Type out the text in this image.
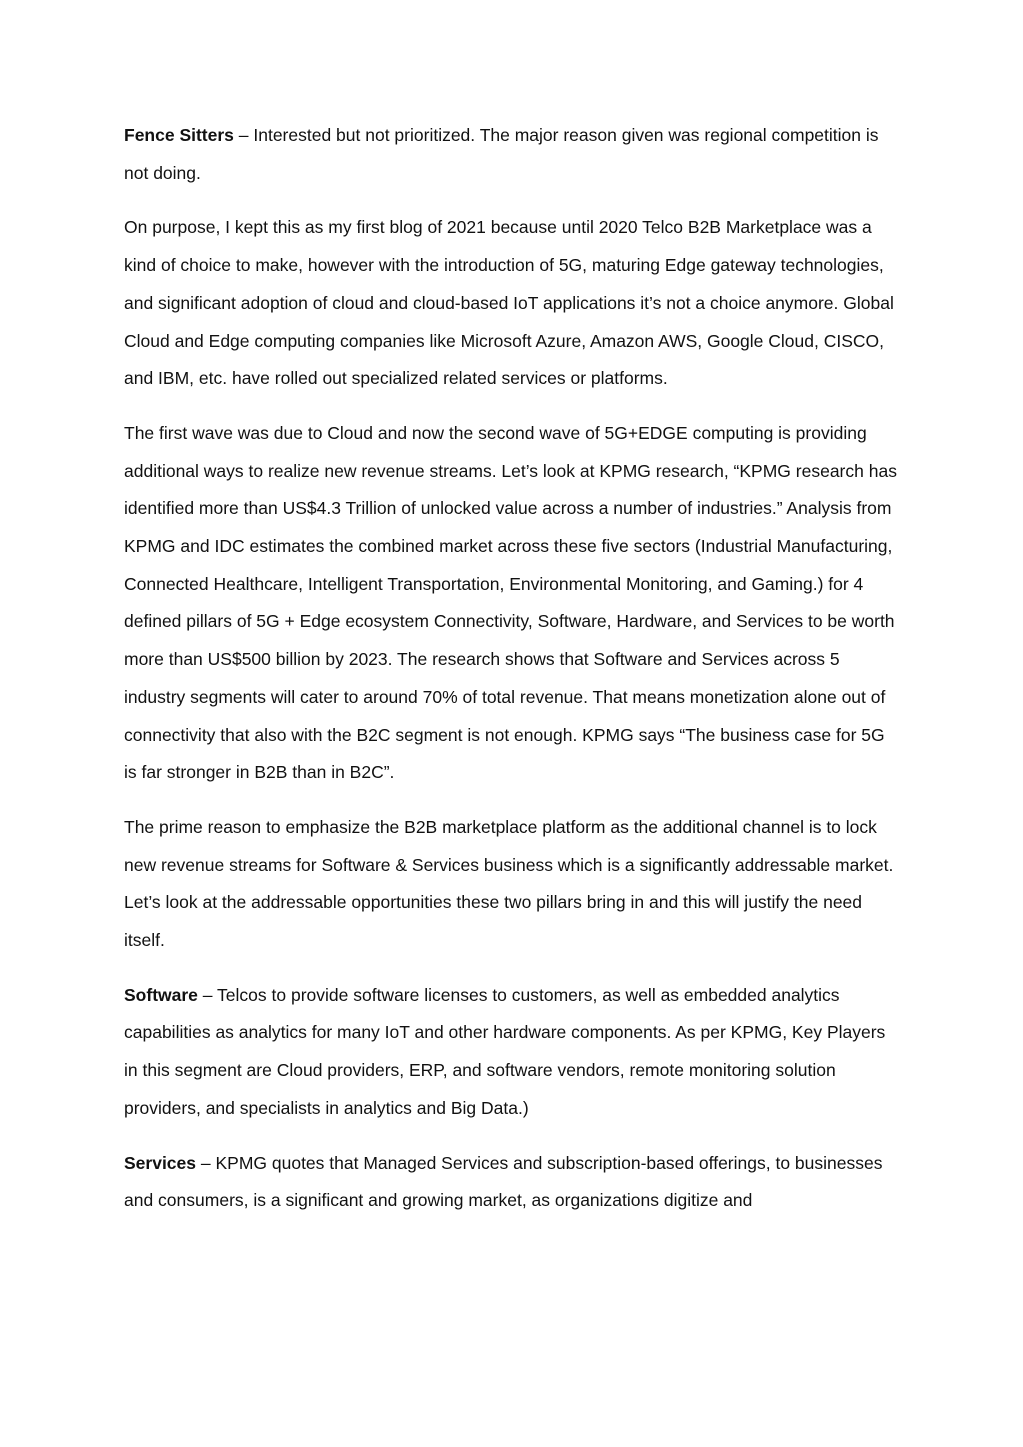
Fence Sitters – Interested but not prioritized. The major reason given was regional competition is not doing.

On purpose, I kept this as my first blog of 2021 because until 2020 Telco B2B Marketplace was a kind of choice to make, however with the introduction of 5G, maturing Edge gateway technologies, and significant adoption of cloud and cloud-based IoT applications it’s not a choice anymore. Global Cloud and Edge computing companies like Microsoft Azure, Amazon AWS, Google Cloud, CISCO, and IBM, etc. have rolled out specialized related services or platforms.

The first wave was due to Cloud and now the second wave of 5G+EDGE computing is providing additional ways to realize new revenue streams. Let’s look at KPMG research, “KPMG research has identified more than US$4.3 Trillion of unlocked value across a number of industries.” Analysis from KPMG and IDC estimates the combined market across these five sectors (Industrial Manufacturing, Connected Healthcare, Intelligent Transportation, Environmental Monitoring, and Gaming.) for 4 defined pillars of 5G + Edge ecosystem Connectivity, Software, Hardware, and Services to be worth more than US$500 billion by 2023. The research shows that Software and Services across 5 industry segments will cater to around 70% of total revenue. That means monetization alone out of connectivity that also with the B2C segment is not enough. KPMG says “The business case for 5G is far stronger in B2B than in B2C”.

The prime reason to emphasize the B2B marketplace platform as the additional channel is to lock new revenue streams for Software & Services business which is a significantly addressable market. Let’s look at the addressable opportunities these two pillars bring in and this will justify the need itself.

Software – Telcos to provide software licenses to customers, as well as embedded analytics capabilities as analytics for many IoT and other hardware components. As per KPMG, Key Players in this segment are Cloud providers, ERP, and software vendors, remote monitoring solution providers, and specialists in analytics and Big Data.)

Services – KPMG quotes that Managed Services and subscription-based offerings, to businesses and consumers, is a significant and growing market, as organizations digitize and
